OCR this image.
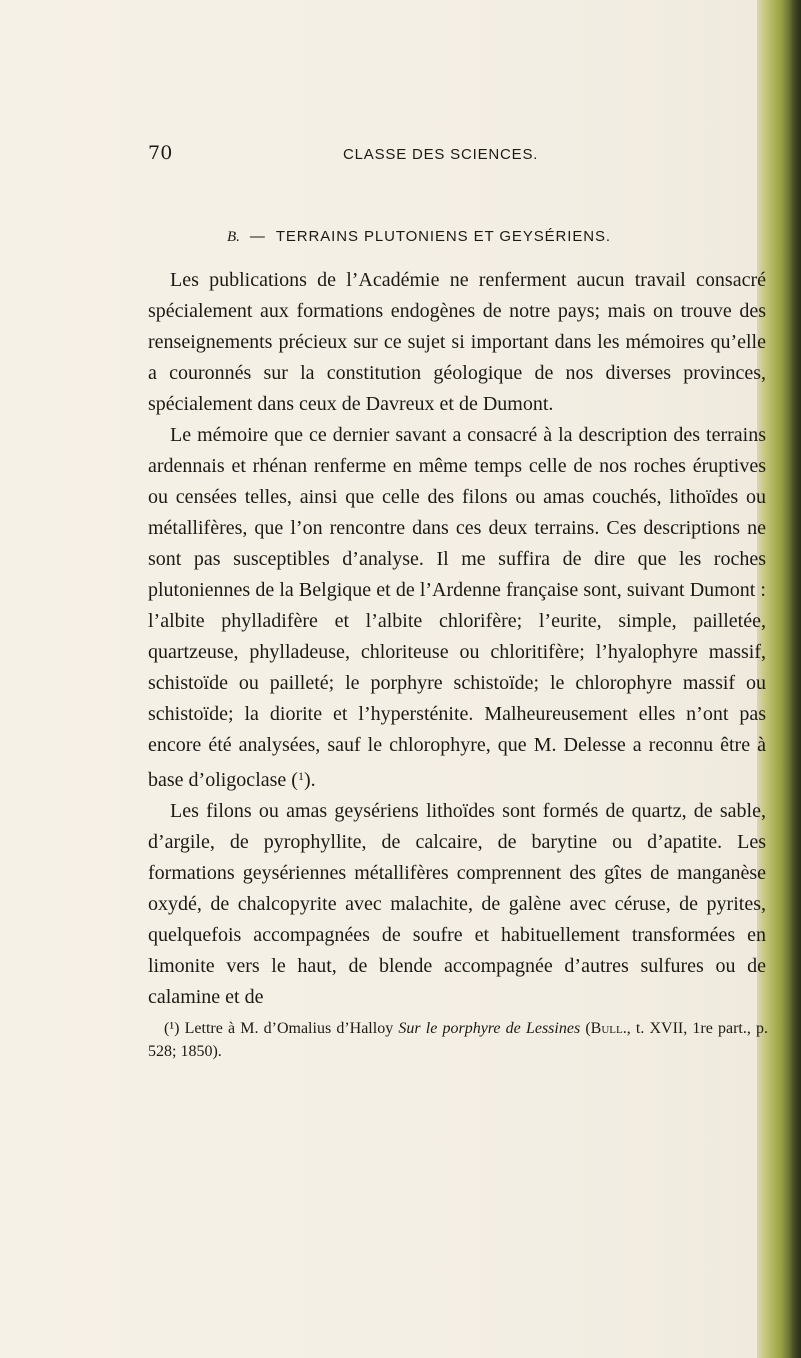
70	CLASSE DES SCIENCES.
B. — TERRAINS PLUTONIENS ET GEYSÉRIENS.

Les publications de l’Académie ne renferment aucun travail consacré spécialement aux formations endogènes de notre pays; mais on trouve des renseignements précieux sur ce sujet si important dans les mémoires qu’elle a couronnés sur la constitution géologique de nos diverses provinces, spécialement dans ceux de Davreux et de Dumont.

Le mémoire que ce dernier savant a consacré à la description des terrains ardennais et rhénan renferme en même temps celle de nos roches éruptives ou censées telles, ainsi que celle des filons ou amas couchés, lithoïdes ou métallifères, que l’on rencontre dans ces deux terrains. Ces descriptions ne sont pas susceptibles d’analyse. Il me suffira de dire que les roches plutoniennes de la Belgique et de l’Ardenne française sont, suivant Dumont : l’albite phylladifère et l’albite chlorifère; l’eurite, simple, pailletée, quartzeuse, phylladeuse, chloriteuse ou chloritifère; l’hyalophyre massif, schistoïde ou pailleté; le porphyre schistoïde; le chlorophyre massif ou schistoïde; la diorite et l’hypersténite. Malheureusement elles n’ont pas encore été analysées, sauf le chlorophyre, que M. Delesse a reconnu être à base d’oligoclase ($^1$).

Les filons ou amas geysériens lithoïdes sont formés de quartz, de sable, d’argile, de pyrophyllite, de calcaire, de barytine ou d’apatite. Les formations geysériennes métallifères comprennent des gîtes de manganèse oxydé, de chalcopyrite avec malachite, de galène avec céruse, de pyrites, quelquefois accompagnées de soufre et habituellement transformées en limonite vers le haut, de blende accompagnée d’autres sulfures ou de calamine et de

(¹) Lettre à M. d’Omalius d’Halloy Sur le porphyre de Lessines (Bull., t. XVII, 1re part., p. 528; 1850).
